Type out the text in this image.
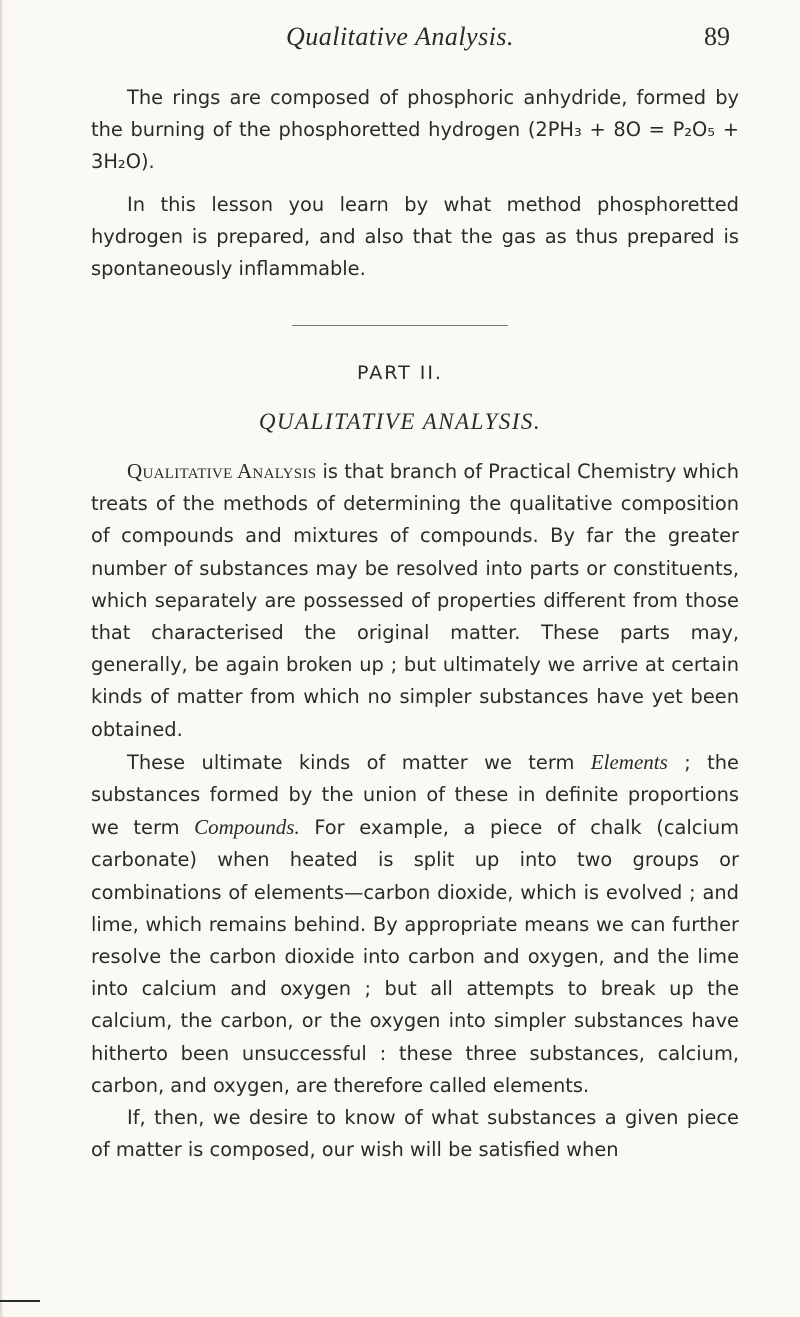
Qualitative Analysis.	89

The rings are composed of phosphoric anhydride, formed by the burning of the phosphoretted hydrogen (2PH₃ + 8O = P₂O₅ + 3H₂O).

In this lesson you learn by what method phosphoretted hydrogen is prepared, and also that the gas as thus prepared is spontaneously inflammable.

PART II.
QUALITATIVE ANALYSIS.

Qualitative Analysis is that branch of Practical Chemistry which treats of the methods of determining the qualitative composition of compounds and mixtures of compounds. By far the greater number of substances may be resolved into parts or constituents, which separately are possessed of properties different from those that characterised the original matter. These parts may, generally, be again broken up ; but ultimately we arrive at certain kinds of matter from which no simpler substances have yet been obtained.

These ultimate kinds of matter we term Elements ; the substances formed by the union of these in definite proportions we term Compounds. For example, a piece of chalk (calcium carbonate) when heated is split up into two groups or combinations of elements—carbon dioxide, which is evolved ; and lime, which remains behind. By appropriate means we can further resolve the carbon dioxide into carbon and oxygen, and the lime into calcium and oxygen ; but all attempts to break up the calcium, the carbon, or the oxygen into simpler substances have hitherto been unsuccessful : these three substances, calcium, carbon, and oxygen, are therefore called elements.

If, then, we desire to know of what substances a given piece of matter is composed, our wish will be satisfied when
